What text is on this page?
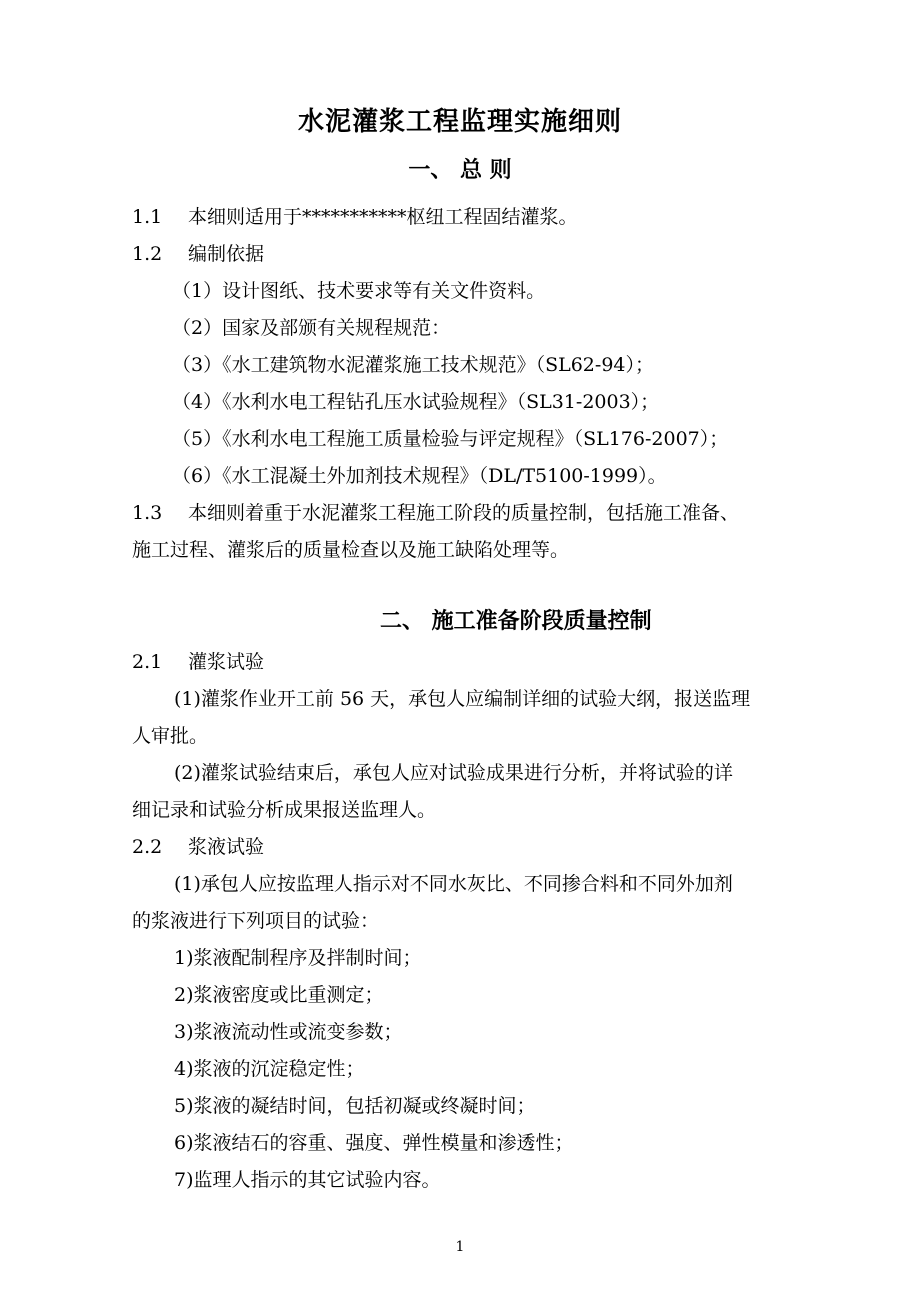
水泥灌浆工程监理实施细则
一、 总 则
1.1 本细则适用于***********枢纽工程固结灌浆。
1.2 编制依据
（1）设计图纸、技术要求等有关文件资料。
（2）国家及部颁有关规程规范：
（3）《水工建筑物水泥灌浆施工技术规范》（SL62-94）；
（4）《水利水电工程钻孔压水试验规程》（SL31-2003）；
（5）《水利水电工程施工质量检验与评定规程》（SL176-2007）；
（6）《水工混凝土外加剂技术规程》（DL/T5100-1999）。
1.3 本细则着重于水泥灌浆工程施工阶段的质量控制，包括施工准备、
施工过程、灌浆后的质量检查以及施工缺陷处理等。
二、 施工准备阶段质量控制
2.1 灌浆试验
(1)灌浆作业开工前 56 天，承包人应编制详细的试验大纲，报送监理
人审批。
(2)灌浆试验结束后，承包人应对试验成果进行分析，并将试验的详
细记录和试验分析成果报送监理人。
2.2 浆液试验
(1)承包人应按监理人指示对不同水灰比、不同掺合料和不同外加剂
的浆液进行下列项目的试验：
1)浆液配制程序及拌制时间；
2)浆液密度或比重测定；
3)浆液流动性或流变参数；
4)浆液的沉淀稳定性；
5)浆液的凝结时间，包括初凝或终凝时间；
6)浆液结石的容重、强度、弹性模量和渗透性；
7)监理人指示的其它试验内容。
1
